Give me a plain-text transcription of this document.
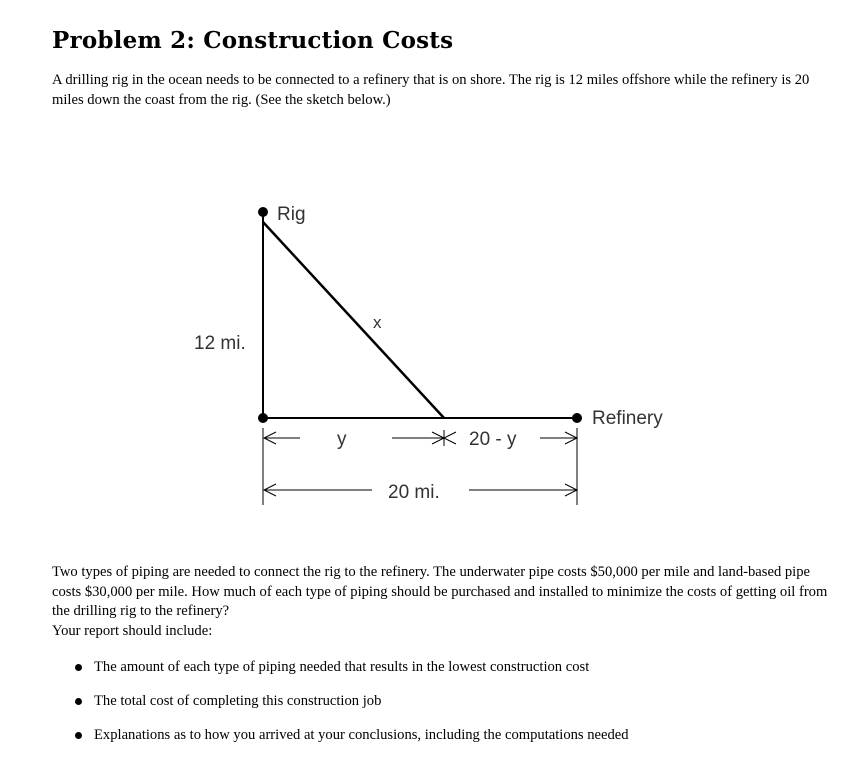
Problem 2: Construction Costs
A drilling rig in the ocean needs to be connected to a refinery that is on shore. The rig is 12 miles offshore while the refinery is 20 miles down the coast from the rig. (See the sketch below.)
Rig
Refinery
12 mi.
x
y	20 - y
20 mi.
Two types of piping are needed to connect the rig to the refinery. The underwater pipe costs $50,000 per mile and land-based pipe costs $30,000 per mile. How much of each type of piping should be purchased and installed to minimize the costs of getting oil from the drilling rig to the refinery?
Your report should include:
The amount of each type of piping needed that results in the lowest construction cost
The total cost of completing this construction job
Explanations as to how you arrived at your conclusions, including the computations needed
